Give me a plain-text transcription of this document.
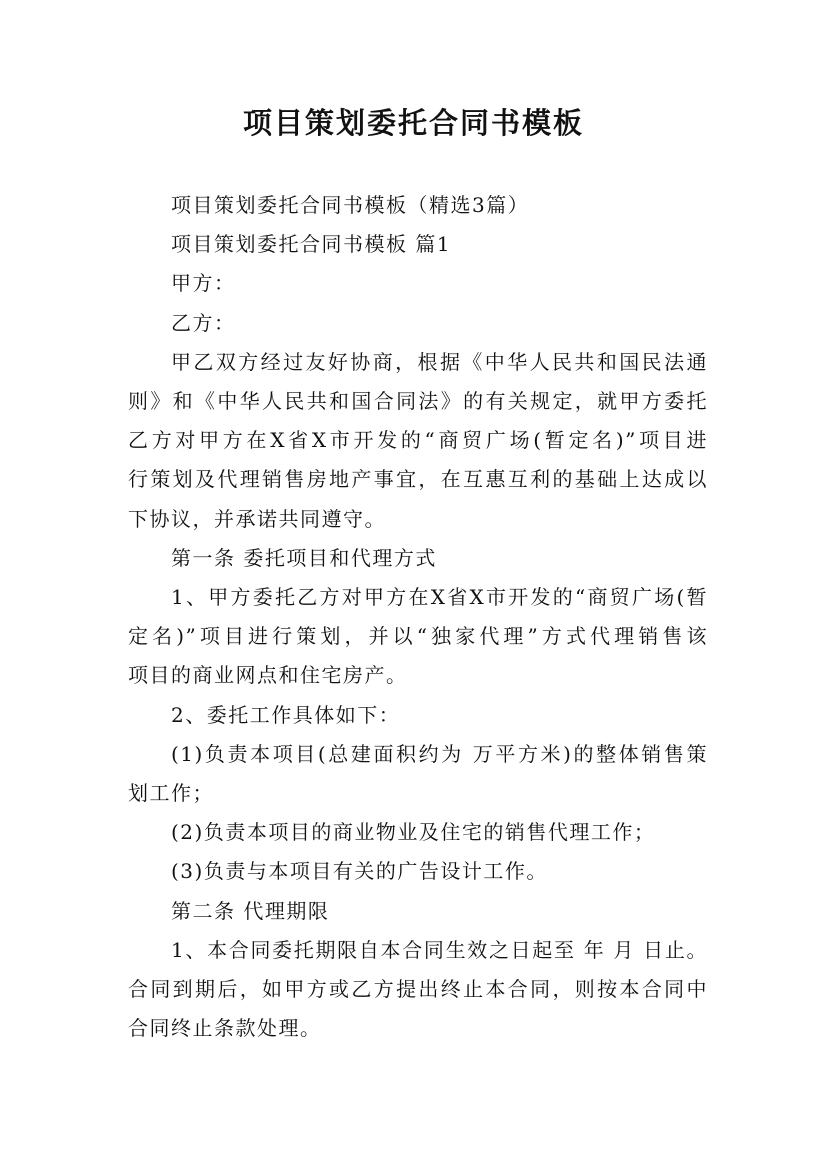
项目策划委托合同书模板

项目策划委托合同书模板（精选3篇）

项目策划委托合同书模板 篇1

甲方：

乙方：

甲乙双方经过友好协商，根据《中华人民共和国民法通

则》和《中华人民共和国合同法》的有关规定，就甲方委托

乙方对甲方在X省X市开发的“商贸广场(暂定名)”项目进

行策划及代理销售房地产事宜，在互惠互利的基础上达成以

下协议，并承诺共同遵守。

第一条 委托项目和代理方式

1、甲方委托乙方对甲方在X省X市开发的“商贸广场(暂

定名)”项目进行策划，并以“独家代理”方式代理销售该

项目的商业网点和住宅房产。

2、委托工作具体如下：

(1)负责本项目(总建面积约为 万平方米)的整体销售策

划工作；

(2)负责本项目的商业物业及住宅的销售代理工作；

(3)负责与本项目有关的广告设计工作。

第二条 代理期限

1、本合同委托期限自本合同生效之日起至 年 月 日止。

合同到期后，如甲方或乙方提出终止本合同，则按本合同中

合同终止条款处理。
